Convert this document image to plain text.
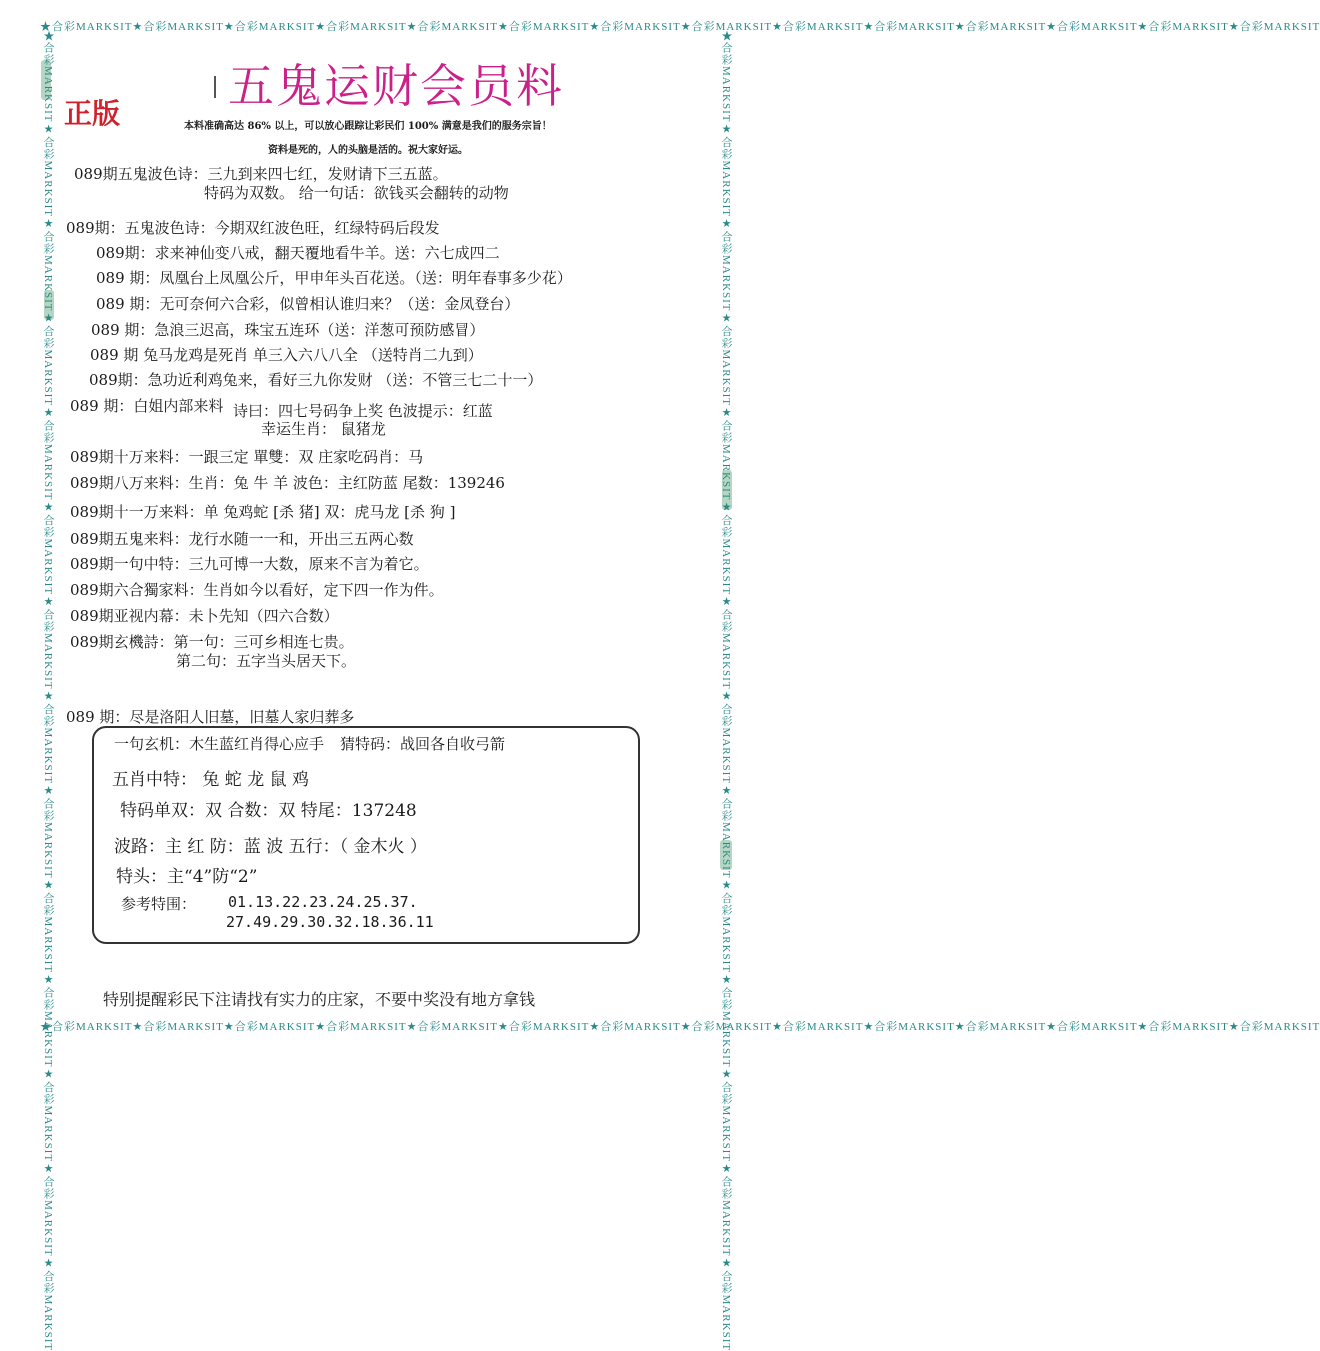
★合彩MARKSIT★合彩MARKSIT★合彩MARKSIT★合彩MARKSIT★合彩MARKSIT★合彩MARKSIT★合彩MARKSIT★合彩MARKSIT★合彩MARKSIT★合彩MARKSIT★合彩MARKSIT★合彩MARKSIT★合彩MARKSIT★合彩MARKSIT
★合彩MARKSIT★合彩MARKSIT★合彩MARKSIT★合彩MARKSIT★合彩MARKSIT★合彩MARKSIT★合彩MARKSIT★合彩MARKSIT★合彩MARKSIT★合彩MARKSIT★合彩MARKSIT★合彩MARKSIT★合彩MARKSIT★合彩MARKSIT
★合彩MARKSIT★合彩MARKSIT★合彩MARKSIT★合彩MARKSIT★合彩MARKSIT★合彩MARKSIT★合彩MARKSIT★合彩MARKSIT★合彩MARKSIT★合彩MARKSIT★合彩MARKSIT★合彩MARKSIT★合彩MARKSIT★合彩MARKSIT	★合彩MARKSIT★合彩MARKSIT★合彩MARKSIT★合彩MARKSIT★合彩MARKSIT★合彩MARKSIT★合彩MARKSIT★合彩MARKSIT★合彩MARKSIT★合彩MARKSIT★合彩MARKSIT★合彩MARKSIT★合彩MARKSIT★合彩MARKSIT
五鬼运财会员料
正版	本料准确高达 86% 以上，可以放心跟踪让彩民们 100% 满意是我们的服务宗旨！
资料是死的，人的头脑是活的。祝大家好运。
089期五鬼波色诗：三九到来四七红，发财请下三五蓝。
特码为双数。 给一句话：欲钱买会翻转的动物
089期：五鬼波色诗：今期双红波色旺，红绿特码后段发
089期：求来神仙变八戒，翻天覆地看牛羊。送：六七成四二
089 期：凤凰台上凤凰公斤，甲申年头百花送。（送：明年春事多少花）
089 期：无可奈何六合彩，似曾相认谁归来？（送：金凤登台）
089 期：急浪三迟高，珠宝五连环（送：洋葱可预防感冒）
089 期 兔马龙鸡是死肖 单三入六八八全 （送特肖二九到）
089期：急功近利鸡兔来，看好三九你发财 （送：不管三七二十一）
089 期：白姐内部来料 诗曰：四七号码争上奖 色波提示：红蓝
幸运生肖： 鼠猪龙
089期十万来料：一跟三定 單雙：双 庄家吃码肖：马
089期八万来料：生肖：兔 牛 羊 波色：主红防蓝 尾数：139246
089期十一万来料：单 兔鸡蛇 [杀 猪] 双：虎马龙 [杀 狗 ]
089期五鬼来料：龙行水随一一和，开出三五两心数
089期一句中特：三九可博一大数，原来不言为着它。
089期六合獨家料：生肖如今以看好，定下四一作为件。
089期亚视内幕：未卜先知（四六合数）
089期玄機詩：第一句：三可乡相连七贵。
第二句：五字当头居天下。
089 期：尽是洛阳人旧墓，旧墓人家归葬多
一句玄机：木生蓝红肖得心应手 猜特码：战回各自收弓箭
五肖中特： 兔 蛇 龙 鼠 鸡
特码单双：双 合数：双 特尾：137248
波路：主 红 防：蓝 波 五行：（ 金木火 ）
特头：主“4”防“2”
参考特围： 01.13.22.23.24.25.37.
27.49.29.30.32.18.36.11
特别提醒彩民下注请找有实力的庄家，不要中奖没有地方拿钱
